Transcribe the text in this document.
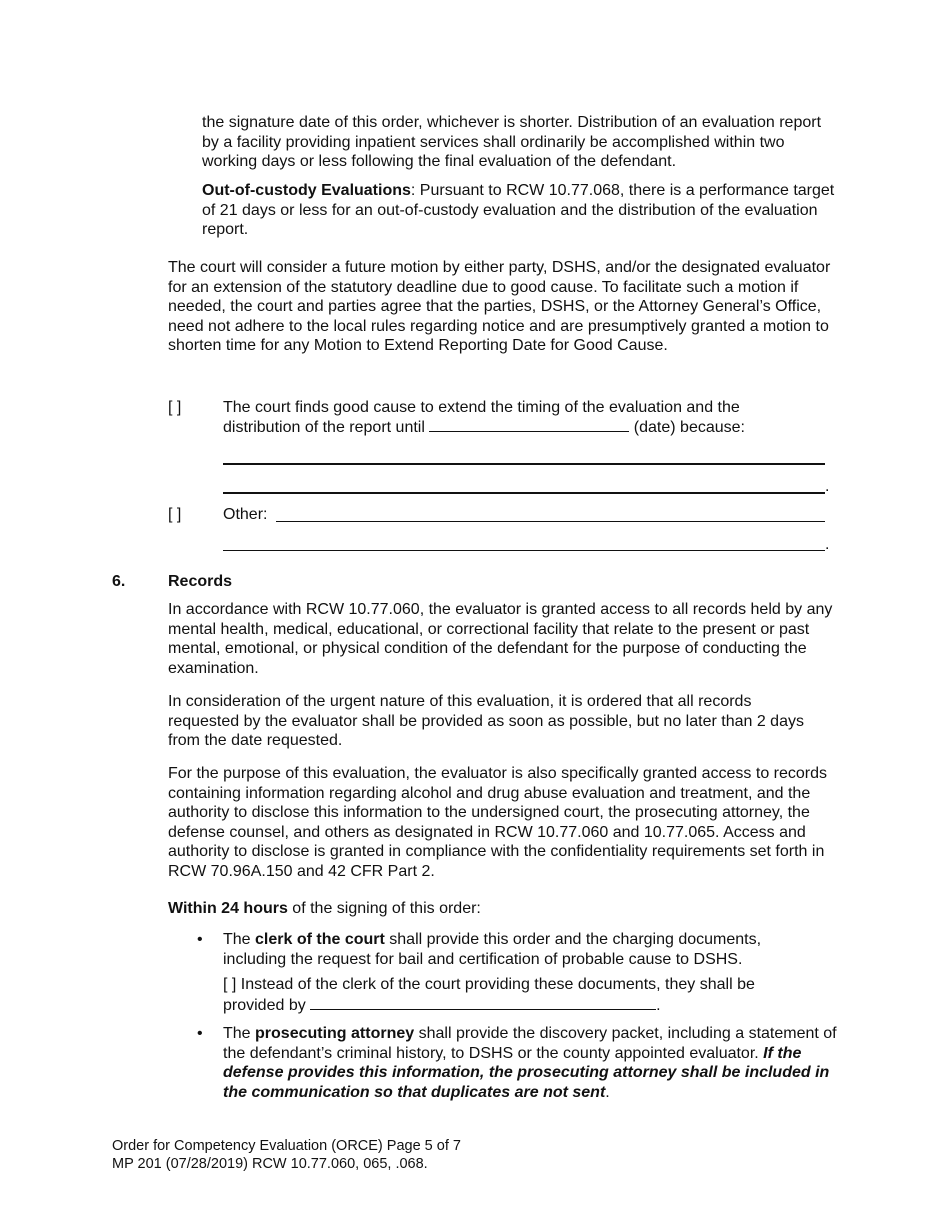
the signature date of this order, whichever is shorter. Distribution of an evaluation report by a facility providing inpatient services shall ordinarily be accomplished within two working days or less following the final evaluation of the defendant.

Out-of-custody Evaluations: Pursuant to RCW 10.77.068, there is a performance target of 21 days or less for an out-of-custody evaluation and the distribution of the evaluation report.

The court will consider a future motion by either party, DSHS, and/or the designated evaluator for an extension of the statutory deadline due to good cause. To facilitate such a motion if needed, the court and parties agree that the parties, DSHS, or the Attorney General’s Office, need not adhere to the local rules regarding notice and are presumptively granted a motion to shorten time for any Motion to Extend Reporting Date for Good Cause.

[ ]	The court finds good cause to extend the timing of the evaluation and the

distribution of the report until	(date) because:

.
[ ]	Other:
.
6.	Records

In accordance with RCW 10.77.060, the evaluator is granted access to all records held by any mental health, medical, educational, or correctional facility that relate to the present or past mental, emotional, or physical condition of the defendant for the purpose of conducting the examination.

In consideration of the urgent nature of this evaluation, it is ordered that all records requested by the evaluator shall be provided as soon as possible, but no later than 2 days from the date requested.

For the purpose of this evaluation, the evaluator is also specifically granted access to records containing information regarding alcohol and drug abuse evaluation and treatment, and the authority to disclose this information to the undersigned court, the prosecuting attorney, the defense counsel, and others as designated in RCW 10.77.060 and 10.77.065. Access and authority to disclose is granted in compliance with the confidentiality requirements set forth in RCW 70.96A.150 and 42 CFR Part 2.

Within 24 hours of the signing of this order:

• The clerk of the court shall provide this order and the charging documents, including the request for bail and certification of probable cause to DSHS.

[ ] Instead of the clerk of the court providing these documents, they shall be

provided by	.

• The prosecuting attorney shall provide the discovery packet, including a statement of the defendant’s criminal history, to DSHS or the county appointed evaluator. If the defense provides this information, the prosecuting attorney shall be included in the communication so that duplicates are not sent.

Order for Competency Evaluation (ORCE) Page 5 of 7

MP 201 (07/28/2019) RCW 10.77.060, 065, .068.
